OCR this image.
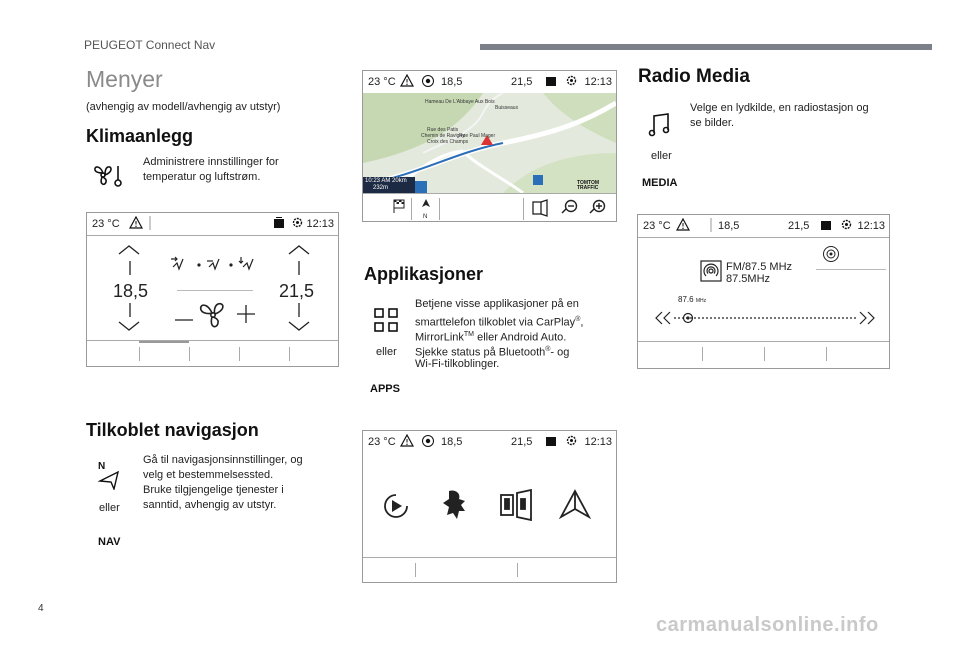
PEUGEOT Connect Nav
Menyer
(avhengig av modell/avhengig av utstyr)
Klimaanlegg
Administrere innstillinger for
temperatur og luftstrøm.
23 °C	12:13
18,5	21,5
Tilkoblet navigasjon
N
eller
NAV
Gå til navigasjonsinnstillinger, og
velg et bestemmelsessted.
Bruke tilgjengelige tjenester i
sanntid, avhengig av utstyr.
23 °C	18,5	21,5	12:13
Hameau De L'Abbaye Aux Bois
Buisseaux
Rue des Patis
Chemin de Ravigny
Croix des Champs
Rue Paul Mager
10:23 AM 20km
232m
TOMTOM
TRAFFIC
N
Applikasjoner
eller
APPS
Betjene visse applikasjoner på en
smarttelefon tilkoblet via CarPlay®,
MirrorLink™ eller Android Auto.
Sjekke status på Bluetooth®- og
Wi-Fi-tilkoblinger.
23 °C	18,5	21,5	12:13
Radio Media
eller
MEDIA
Velge en lydkilde, en radiostasjon og
se bilder.
23 °C	18,5	21,5	12:13
FM/87.5 MHz
87.5MHz
87.6 MHz
4
carmanualsonline.info
